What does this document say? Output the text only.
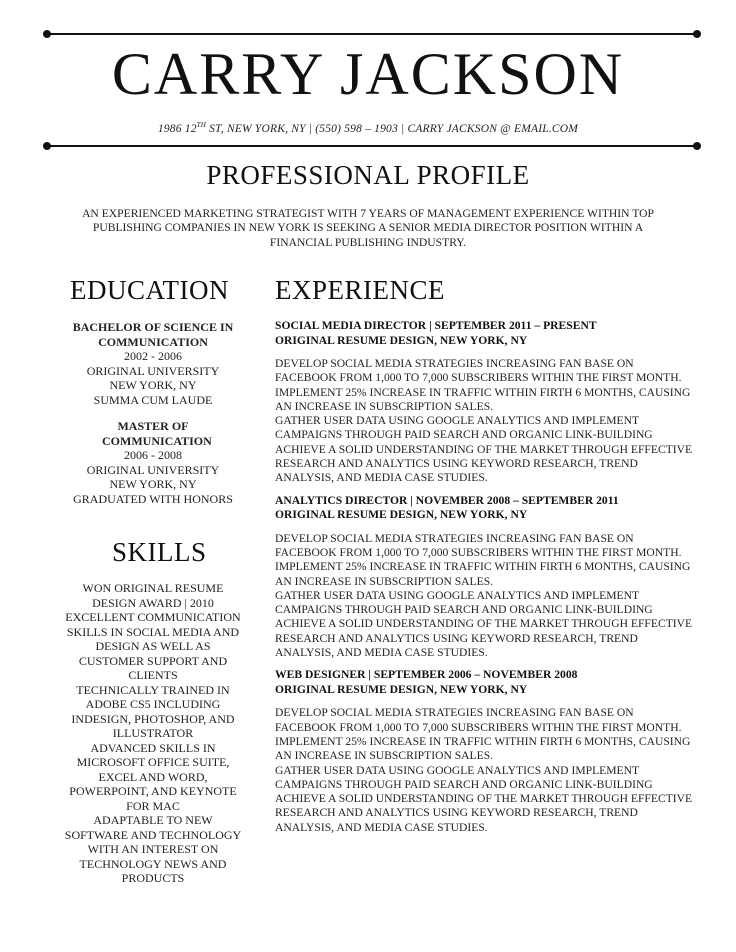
CARRY JACKSON
1986 12TH ST, NEW YORK, NY | (550) 598 – 1903 | CARRY JACKSON @ EMAIL.COM
PROFESSIONAL PROFILE

AN EXPERIENCED MARKETING STRATEGIST WITH 7 YEARS OF MANAGEMENT EXPERIENCE WITHIN TOP PUBLISHING COMPANIES IN NEW YORK IS SEEKING A SENIOR MEDIA DIRECTOR POSITION WITHIN A FINANCIAL PUBLISHING INDUSTRY.

EDUCATION EXPERIENCE
BACHELOR OF SCIENCE IN COMMUNICATION
2002 - 2006
ORIGINAL UNIVERSITY
NEW YORK, NY
SUMMA CUM LAUDE
MASTER OF COMMUNICATION
2006 - 2008
ORIGINAL UNIVERSITY
NEW YORK, NY
GRADUATED WITH HONORS
SKILLS
WON ORIGINAL RESUME DESIGN AWARD | 2010
EXCELLENT COMMUNICATION SKILLS IN SOCIAL MEDIA AND DESIGN AS WELL AS CUSTOMER SUPPORT AND CLIENTS
TECHNICALLY TRAINED IN ADOBE CS5 INCLUDING INDESIGN, PHOTOSHOP, AND ILLUSTRATOR
ADVANCED SKILLS IN MICROSOFT OFFICE SUITE, EXCEL AND WORD, POWERPOINT, AND KEYNOTE FOR MAC
ADAPTABLE TO NEW SOFTWARE AND TECHNOLOGY WITH AN INTEREST ON TECHNOLOGY NEWS AND PRODUCTS
SOCIAL MEDIA DIRECTOR | SEPTEMBER 2011 – PRESENT
ORIGINAL RESUME DESIGN, NEW YORK, NY
DEVELOP SOCIAL MEDIA STRATEGIES INCREASING FAN BASE ON FACEBOOK FROM 1,000 TO 7,000 SUBSCRIBERS WITHIN THE FIRST MONTH.
IMPLEMENT 25% INCREASE IN TRAFFIC WITHIN FIRTH 6 MONTHS, CAUSING AN INCREASE IN SUBSCRIPTION SALES.
GATHER USER DATA USING GOOGLE ANALYTICS AND IMPLEMENT CAMPAIGNS THROUGH PAID SEARCH AND ORGANIC LINK-BUILDING
ACHIEVE A SOLID UNDERSTANDING OF THE MARKET THROUGH EFFECTIVE RESEARCH AND ANALYTICS USING KEYWORD RESEARCH, TREND ANALYSIS, AND MEDIA CASE STUDIES.
ANALYTICS DIRECTOR | NOVEMBER 2008 – SEPTEMBER 2011
ORIGINAL RESUME DESIGN, NEW YORK, NY
DEVELOP SOCIAL MEDIA STRATEGIES INCREASING FAN BASE ON FACEBOOK FROM 1,000 TO 7,000 SUBSCRIBERS WITHIN THE FIRST MONTH.
IMPLEMENT 25% INCREASE IN TRAFFIC WITHIN FIRTH 6 MONTHS, CAUSING AN INCREASE IN SUBSCRIPTION SALES.
GATHER USER DATA USING GOOGLE ANALYTICS AND IMPLEMENT CAMPAIGNS THROUGH PAID SEARCH AND ORGANIC LINK-BUILDING
ACHIEVE A SOLID UNDERSTANDING OF THE MARKET THROUGH EFFECTIVE RESEARCH AND ANALYTICS USING KEYWORD RESEARCH, TREND ANALYSIS, AND MEDIA CASE STUDIES.
WEB DESIGNER | SEPTEMBER 2006 – NOVEMBER 2008
ORIGINAL RESUME DESIGN, NEW YORK, NY
DEVELOP SOCIAL MEDIA STRATEGIES INCREASING FAN BASE ON FACEBOOK FROM 1,000 TO 7,000 SUBSCRIBERS WITHIN THE FIRST MONTH.
IMPLEMENT 25% INCREASE IN TRAFFIC WITHIN FIRTH 6 MONTHS, CAUSING AN INCREASE IN SUBSCRIPTION SALES.
GATHER USER DATA USING GOOGLE ANALYTICS AND IMPLEMENT CAMPAIGNS THROUGH PAID SEARCH AND ORGANIC LINK-BUILDING
ACHIEVE A SOLID UNDERSTANDING OF THE MARKET THROUGH EFFECTIVE RESEARCH AND ANALYTICS USING KEYWORD RESEARCH, TREND ANALYSIS, AND MEDIA CASE STUDIES.
